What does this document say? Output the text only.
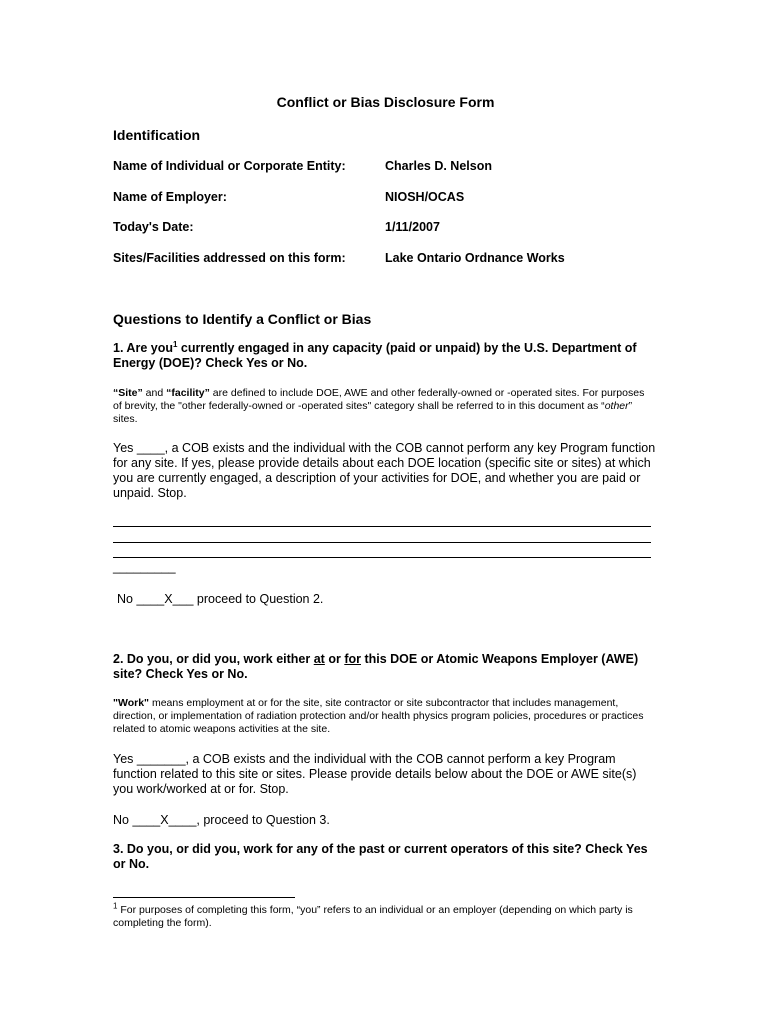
Conflict or Bias Disclosure Form
Identification
Name of Individual or Corporate Entity:	Charles D. Nelson
Name of Employer:	NIOSH/OCAS
Today's Date:	1/11/2007
Sites/Facilities addressed on this form:	Lake Ontario Ordnance Works
Questions to Identify a Conflict or Bias
1. Are you$^1$ currently engaged in any capacity (paid or unpaid) by the U.S. Department of Energy (DOE)? Check Yes or No.
“Site” and “facility” are defined to include DOE, AWE and other federally-owned or -operated sites. For purposes of brevity, the "other federally-owned or -operated sites" category shall be referred to in this document as “other” sites.
Yes ____, a COB exists and the individual with the COB cannot perform any key Program function for any site. If yes, please provide details about each DOE location (specific site or sites) at which you are currently engaged, a description of your activities for DOE, and whether you are paid or unpaid. Stop.
_________
No ____X___ proceed to Question 2.
2. Do you, or did you, work either at or for this DOE or Atomic Weapons Employer (AWE) site? Check Yes or No.
"Work" means employment at or for the site, site contractor or site subcontractor that includes management, direction, or implementation of radiation protection and/or health physics program policies, procedures or practices related to atomic weapons activities at the site.
Yes _______, a COB exists and the individual with the COB cannot perform a key Program function related to this site or sites. Please provide details below about the DOE or AWE site(s) you work/worked at or for. Stop.
No ____X____, proceed to Question 3.
3. Do you, or did you, work for any of the past or current operators of this site? Check Yes or No.
$^1$ For purposes of completing this form, “you” refers to an individual or an employer (depending on which party is completing the form).
